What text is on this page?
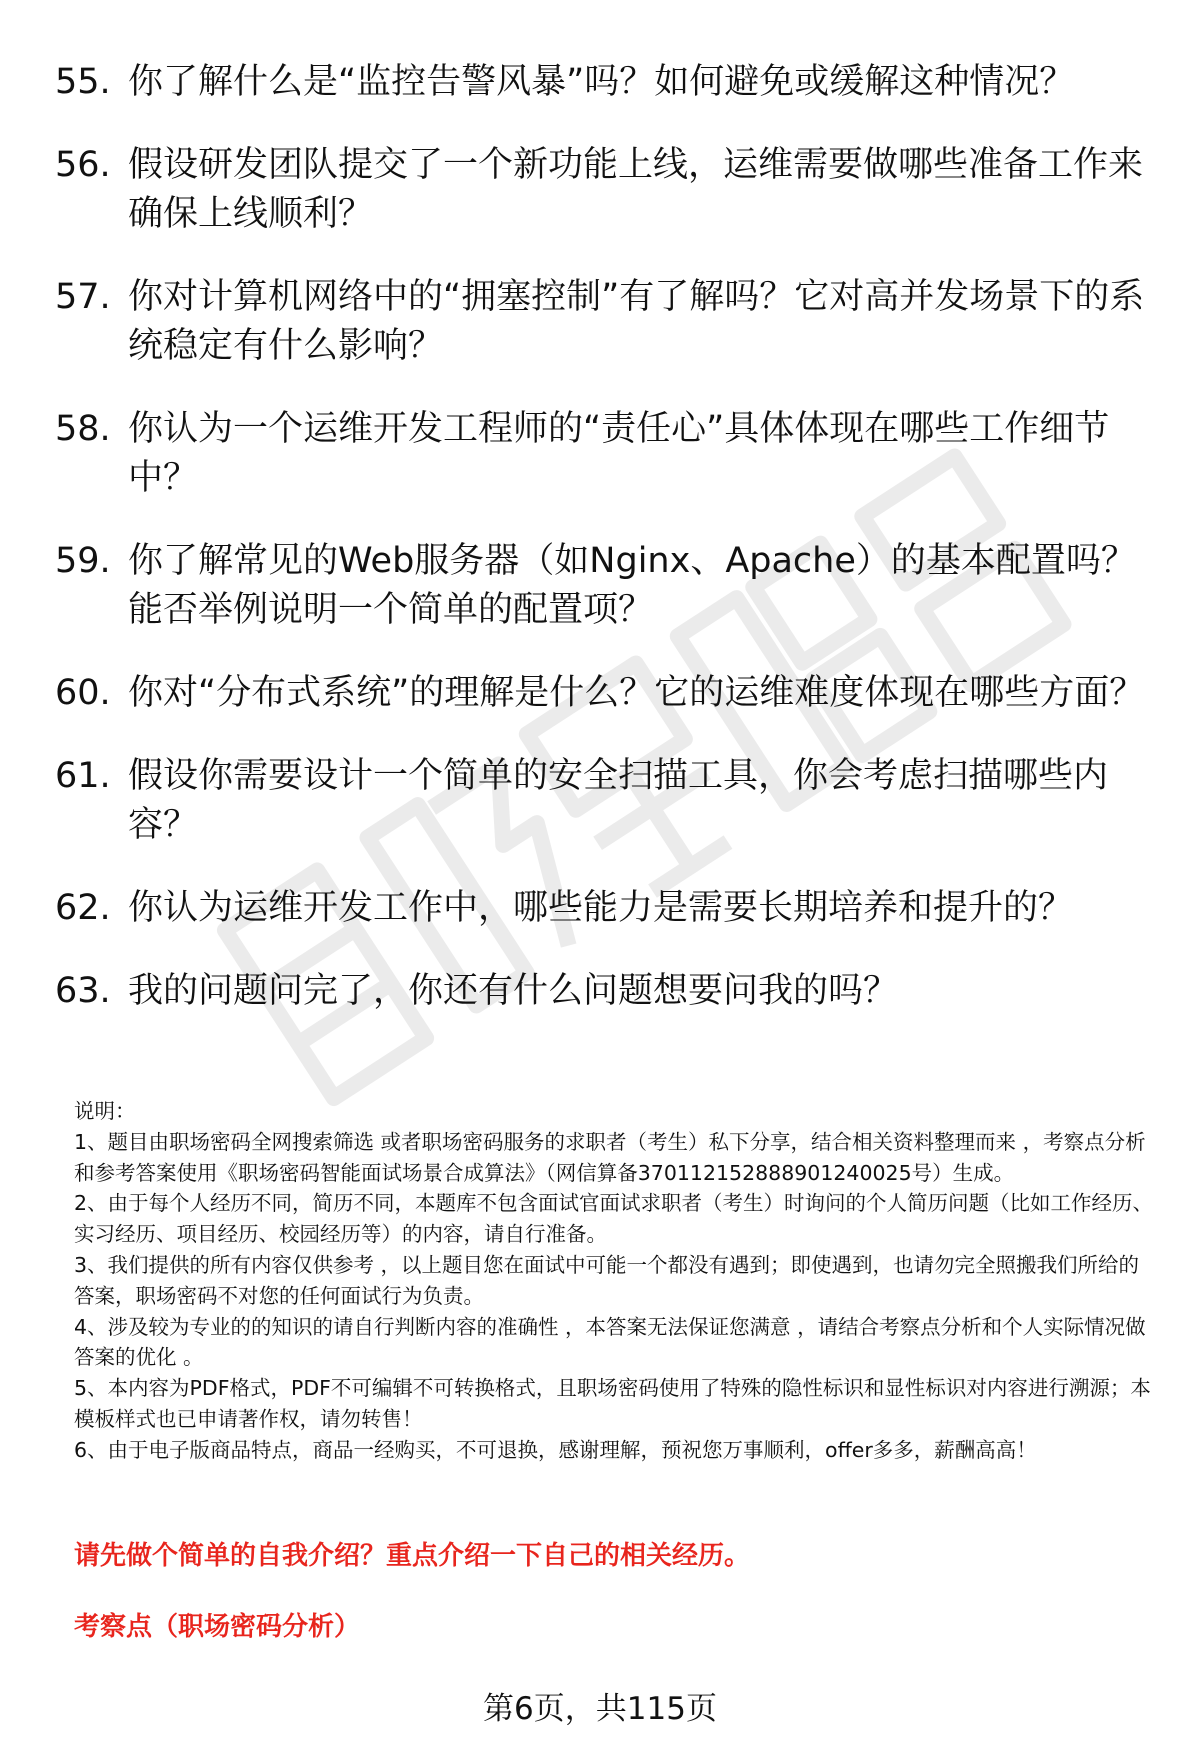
55. 你了解什么是“监控告警风暴”吗？如何避免或缓解这种情况？
56. 假设研发团队提交了一个新功能上线，运维需要做哪些准备工作来确保上线顺利？
57. 你对计算机网络中的“拥塞控制”有了解吗？它对高并发场景下的系统稳定有什么影响？
58. 你认为一个运维开发工程师的“责任心”具体体现在哪些工作细节中？
59. 你了解常见的Web服务器（如Nginx、Apache）的基本配置吗？能否举例说明一个简单的配置项？
60. 你对“分布式系统”的理解是什么？它的运维难度体现在哪些方面？
61. 假设你需要设计一个简单的安全扫描工具，你会考虑扫描哪些内容？
62. 你认为运维开发工作中，哪些能力是需要长期培养和提升的？
63. 我的问题问完了，你还有什么问题想要问我的吗？

说明：

1、题目由职场密码全网搜索筛选 或者职场密码服务的求职者（考生）私下分享，结合相关资料整理而来 ，考察点分析和参考答案使用《职场密码智能面试场景合成算法》（网信算备370112152888901240025号）生成。

2、由于每个人经历不同，简历不同，本题库不包含面试官面试求职者（考生）时询问的个人简历问题（比如工作经历、实习经历、项目经历、校园经历等）的内容，请自行准备。

3、我们提供的所有内容仅供参考 ，以上题目您在面试中可能一个都没有遇到；即使遇到，也请勿完全照搬我们所给的答案，职场密码不对您的任何面试行为负责。

4、涉及较为专业的的知识的请自行判断内容的准确性 ，本答案无法保证您满意 ，请结合考察点分析和个人实际情况做答案的优化 。

5、本内容为PDF格式，PDF不可编辑不可转换格式，且职场密码使用了特殊的隐性标识和显性标识对内容进行溯源；本模板样式也已申请著作权，请勿转售！

6、由于电子版商品特点，商品一经购买，不可退换，感谢理解，预祝您万事顺利，offer多多，薪酬高高！

请先做个简单的自我介绍？重点介绍一下自己的相关经历。
考察点（职场密码分析）
第6页，共115页
